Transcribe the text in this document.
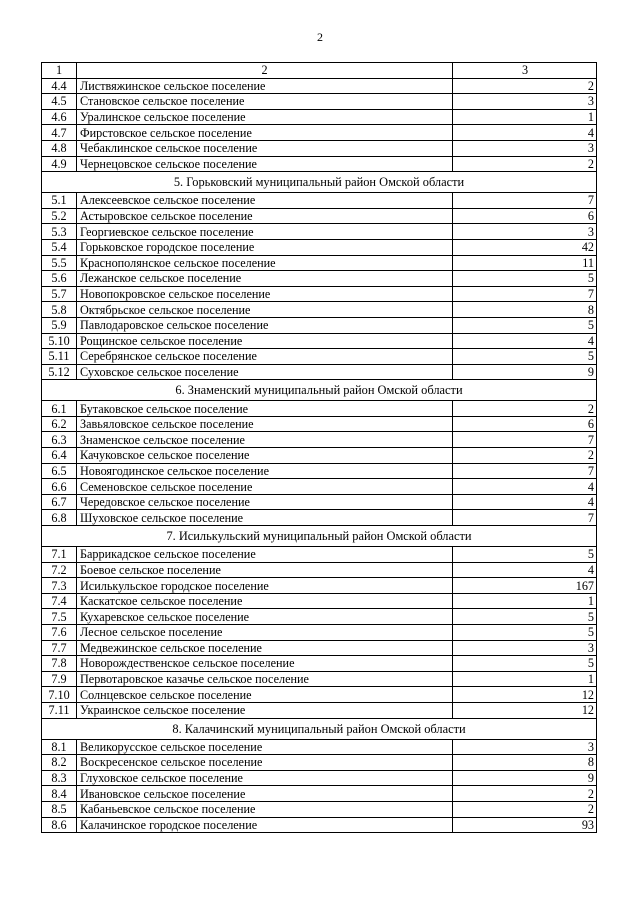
2
1	2	3
4.4	Листвяжинское сельское поселение	2
4.5	Становское сельское поселение	3
4.6	Уралинское сельское поселение	1
4.7	Фирстовское сельское поселение	4
4.8	Чебаклинское сельское поселение	3
4.9	Чернецовское сельское поселение	2
5. Горьковский муниципальный район Омской области		
5.1	Алексеевское сельское поселение	7
5.2	Астыровское сельское поселение	6
5.3	Георгиевское сельское поселение	3
5.4	Горьковское городское поселение	42
5.5	Краснополянское сельское поселение	11
5.6	Лежанское сельское поселение	5
5.7	Новопокровское сельское поселение	7
5.8	Октябрьское сельское поселение	8
5.9	Павлодаровское сельское поселение	5
5.10	Рощинское сельское поселение	4
5.11	Серебрянское сельское поселение	5
5.12	Суховское сельское поселение	9
6. Знаменский муниципальный район Омской области		
6.1	Бутаковское сельское поселение	2
6.2	Завьяловское сельское поселение	6
6.3	Знаменское сельское поселение	7
6.4	Качуковское сельское поселение	2
6.5	Новоягодинское сельское поселение	7
6.6	Семеновское сельское поселение	4
6.7	Чередовское сельское поселение	4
6.8	Шуховское сельское поселение	7
7. Исилькульский муниципальный район Омской области		
7.1	Баррикадское сельское поселение	5
7.2	Боевое сельское поселение	4
7.3	Исилькульское городское поселение	167
7.4	Каскатское сельское поселение	1
7.5	Кухаревское сельское поселение	5
7.6	Лесное сельское поселение	5
7.7	Медвежинское сельское поселение	3
7.8	Новорождественское сельское поселение	5
7.9	Первотаровское казачье сельское поселение	1
7.10	Солнцевское сельское поселение	12
7.11	Украинское сельское поселение	12
8. Калачинский муниципальный район Омской области		
8.1	Великорусское сельское поселение	3
8.2	Воскресенское сельское поселение	8
8.3	Глуховское сельское поселение	9
8.4	Ивановское сельское поселение	2
8.5	Кабаньевское сельское поселение	2
8.6	Калачинское городское поселение	93
